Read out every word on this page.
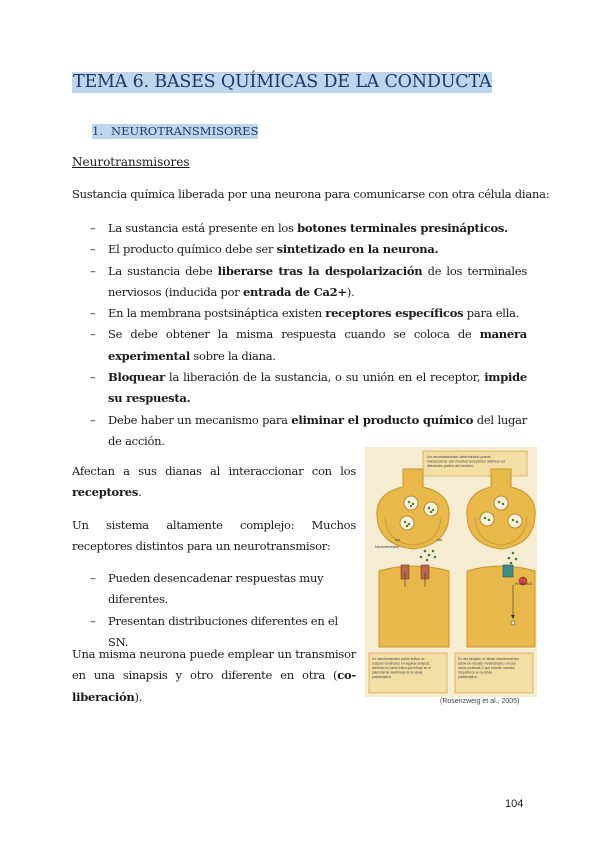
TEMA 6. BASES QUÍMICAS DE LA CONDUCTA
1. NEUROTRANSMISORES
Neurotransmisores
Sustancia química liberada por una neurona para comunicarse con otra célula diana:
– La sustancia está presente en los botones terminales presinápticos.
– El producto químico debe ser sintetizado en la neurona.
– La sustancia debe liberarse tras la despolarización de los terminales nerviosos (inducida por entrada de Ca2+).
– En la membrana postsináptica existen receptores específicos para ella.
– Se debe obtener la misma respuesta cuando se coloca de manera experimental sobre la diana.
– Bloquear la liberación de la sustancia, o su unión en el receptor, impide su respuesta.
– Debe haber un mecanismo para eliminar el producto químico del lugar de acción.
Afectan a sus dianas al interaccionar con los receptores.
Un sistema altamente complejo: Muchos receptores distintos para un neurotransmisor:
– Pueden desencadenar respuestas muy diferentes.
– Presentan distribuciones diferentes en el SN.
Una misma neurona puede emplear un transmisor en una sinapsis y otro diferente en otra (co-liberación).
Un neurotransmisor determinado puede interaccionar con muchos receptores distintos en diferentes partes del cerebro.
Neurorreceptor
Ion	Ion
Proteína G
Un neurotransmisor puede activar un receptor ionotrópico en algunas sinapsis, abriendo un canal iónico que influye en el potencial de membrana de la célula postsináptica.
En otra sinapsis, el mismo neurotransmisor activa un receptor metabotrópico, el cual activa proteínas G que inducen cambios bioquímicos en la célula postsináptica.
(Rosenzweig et al., 2005)
104
